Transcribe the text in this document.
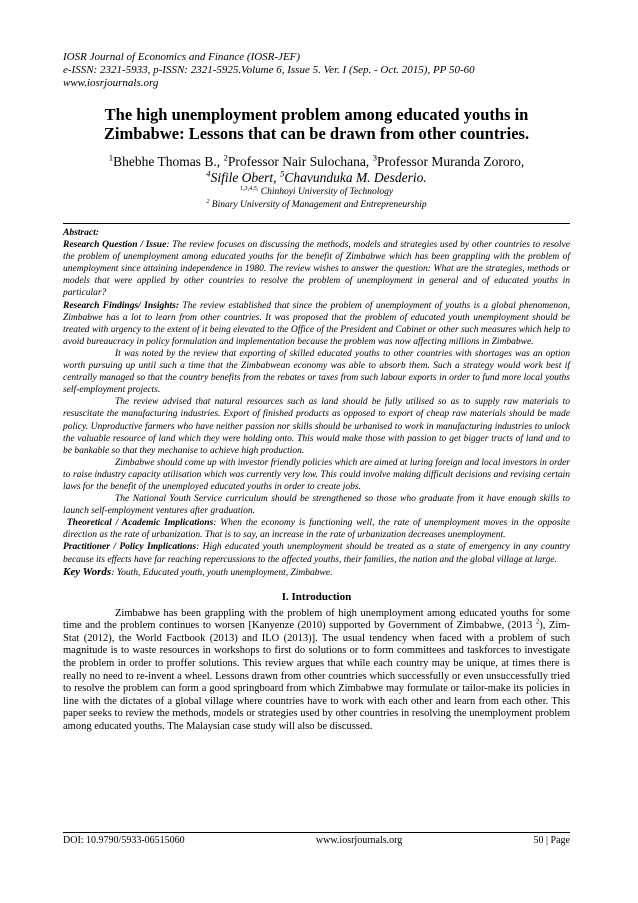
IOSR Journal of Economics and Finance (IOSR-JEF)
e-ISSN: 2321-5933, p-ISSN: 2321-5925.Volume 6, Issue 5. Ver. I (Sep. - Oct. 2015), PP 50-60
www.iosrjournals.org
The high unemployment problem among educated youths in Zimbabwe: Lessons that can be drawn from other countries.
$^1$Bhebhe Thomas B., $^2$Professor Nair Sulochana, $^3$Professor Muranda Zororo,
$^4$Sifile Obert, $^5$Chavunduka M. Desderio.
$^{1,3,4,5,}$ Chinhoyi University of Technology
$^2$ Binary University of Management and Entrepreneurship

Abstract:

Research Question / Issue: The review focuses on discussing the methods, models and strategies used by other countries to resolve the problem of unemployment among educated youths for the benefit of Zimbabwe which has been grappling with the problem of unemployment since attaining independence in 1980. The review wishes to answer the question: What are the strategies, methods or models that were applied by other countries to resolve the problem of unemployment in general and of educated youths in particular?

Research Findings/ Insights: The review established that since the problem of unemployment of youths is a global phenomenon, Zimbabwe has a lot to learn from other countries. It was proposed that the problem of educated youth unemployment should be treated with urgency to the extent of it being elevated to the Office of the President and Cabinet or other such measures which help to avoid bureaucracy in policy formulation and implementation because the problem was now affecting millions in Zimbabwe.

It was noted by the review that exporting of skilled educated youths to other countries with shortages was an option worth pursuing up until such a time that the Zimbabwean economy was able to absorb them. Such a strategy would work best if centrally managed so that the country benefits from the rebates or taxes from such labour exports in order to fund more local youths self-employment projects.

The review advised that natural resources such as land should be fully utilised so as to supply raw materials to resuscitate the manufacturing industries. Export of finished products as opposed to export of cheap raw materials should be made policy. Unproductive farmers who have neither passion nor skills should be urbanised to work in manufacturing industries to unlock the valuable resource of land which they were holding onto. This would make those with passion to get bigger tracts of land and to be bankable so that they mechanise to achieve high production.

Zimbabwe should come up with investor friendly policies which are aimed at luring foreign and local investors in order to raise industry capacity utilisation which was currently very low. This could involve making difficult decisions and revising certain laws for the benefit of the unemployed educated youths in order to create jobs.

The National Youth Service curriculum should be strengthened so those who graduate from it have enough skills to launch self-employment ventures after graduation.

Theoretical / Academic Implications: When the economy is functioning well, the rate of unemployment moves in the opposite direction as the rate of urbanization. That is to say, an increase in the rate of urbanization decreases unemployment.

Practitioner / Policy Implications: High educated youth unemployment should be treated as a state of emergency in any country because its effects have far reaching repercussions to the affected youths, their families, the nation and the global village at large.

Key Words: Youth, Educated youth, youth unemployment, Zimbabwe.
I. Introduction
Zimbabwe has been grappling with the problem of high unemployment among educated youths for some time and the problem continues to worsen [Kanyenze (2010) supported by Government of Zimbabwe, (2013 $^2$), Zim-Stat (2012), the World Factbook (2013) and ILO (2013)]. The usual tendency when faced with a problem of such magnitude is to waste resources in workshops to first do solutions or to form committees and taskforces to investigate the problem in order to proffer solutions. This review argues that while each country may be unique, at times there is really no need to re-invent a wheel. Lessons drawn from other countries which successfully or even unsuccessfully tried to resolve the problem can form a good springboard from which Zimbabwe may formulate or tailor-make its policies in line with the dictates of a global village where countries have to work with each other and learn from each other. This paper seeks to review the methods, models or strategies used by other countries in resolving the unemployment problem among educated youths. The Malaysian case study will also be discussed.
DOI: 10.9790/5933-06515060	www.iosrjournals.org	50 | Page
